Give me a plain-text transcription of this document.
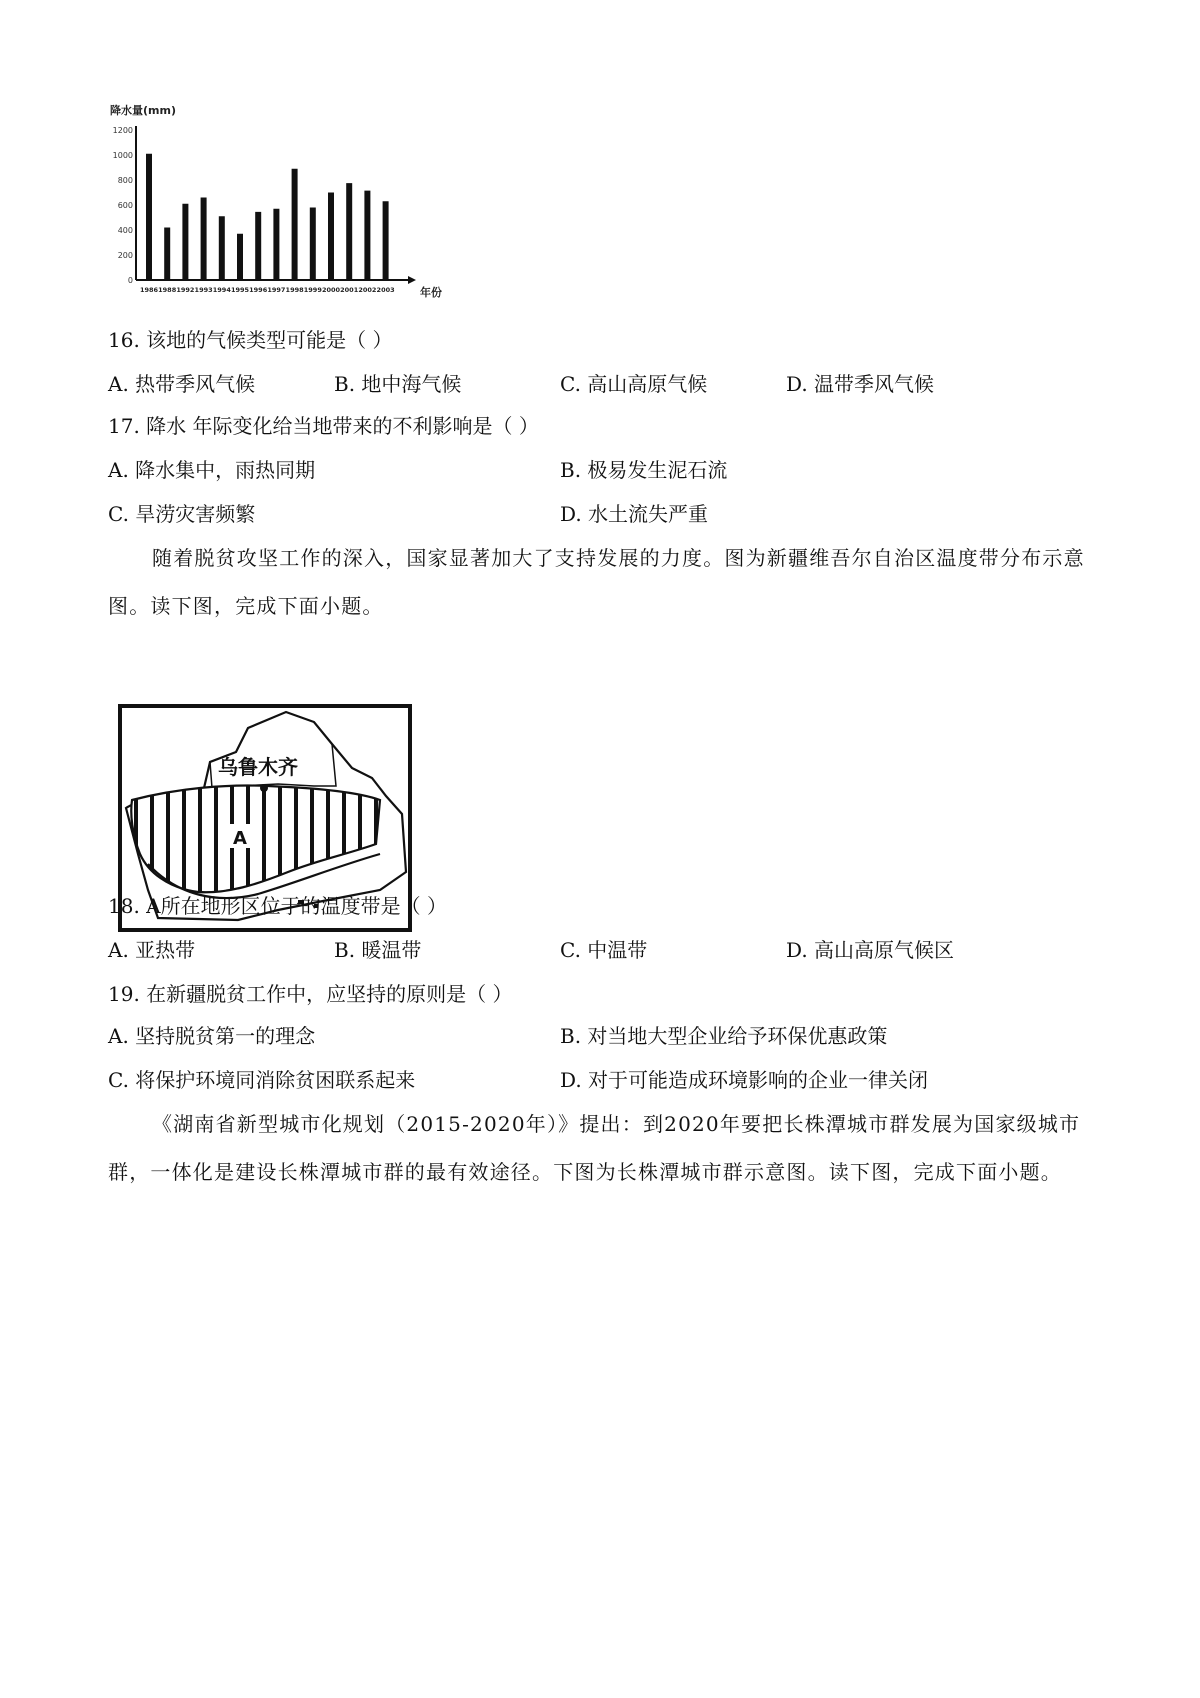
降水量(mm)
0
200
400
600
800
1000
1200
1986 1988 1992 1993 1994 1995 1996 1997 1998 1999 2000 2001 2002 2003 年份
16. 该地的气候类型可能是（ ）
A. 热带季风气候	B. 地中海气候	C. 高山高原气候	D. 温带季风气候
17. 降水 年际变化给当地带来的不利影响是（ ）
A. 降水集中，雨热同期	B. 极易发生泥石流
C. 旱涝灾害频繁	D. 水土流失严重
随着脱贫攻坚工作的深入，国家显著加大了支持发展的力度。图为新疆维吾尔自治区温度带分布示意图。读下图，完成下面小题。
乌鲁木齐
A
18. A所在地形区位于的温度带是（ ）
A. 亚热带	B. 暖温带	C. 中温带	D. 高山高原气候区
19. 在新疆脱贫工作中，应坚持的原则是（ ）
A. 坚持脱贫第一的理念	B. 对当地大型企业给予环保优惠政策
C. 将保护环境同消除贫困联系起来	D. 对于可能造成环境影响的企业一律关闭
《湖南省新型城市化规划（2015-2020年）》提出：到2020年要把长株潭城市群发展为国家级城市群，一体化是建设长株潭城市群的最有效途径。下图为长株潭城市群示意图。读下图，完成下面小题。
